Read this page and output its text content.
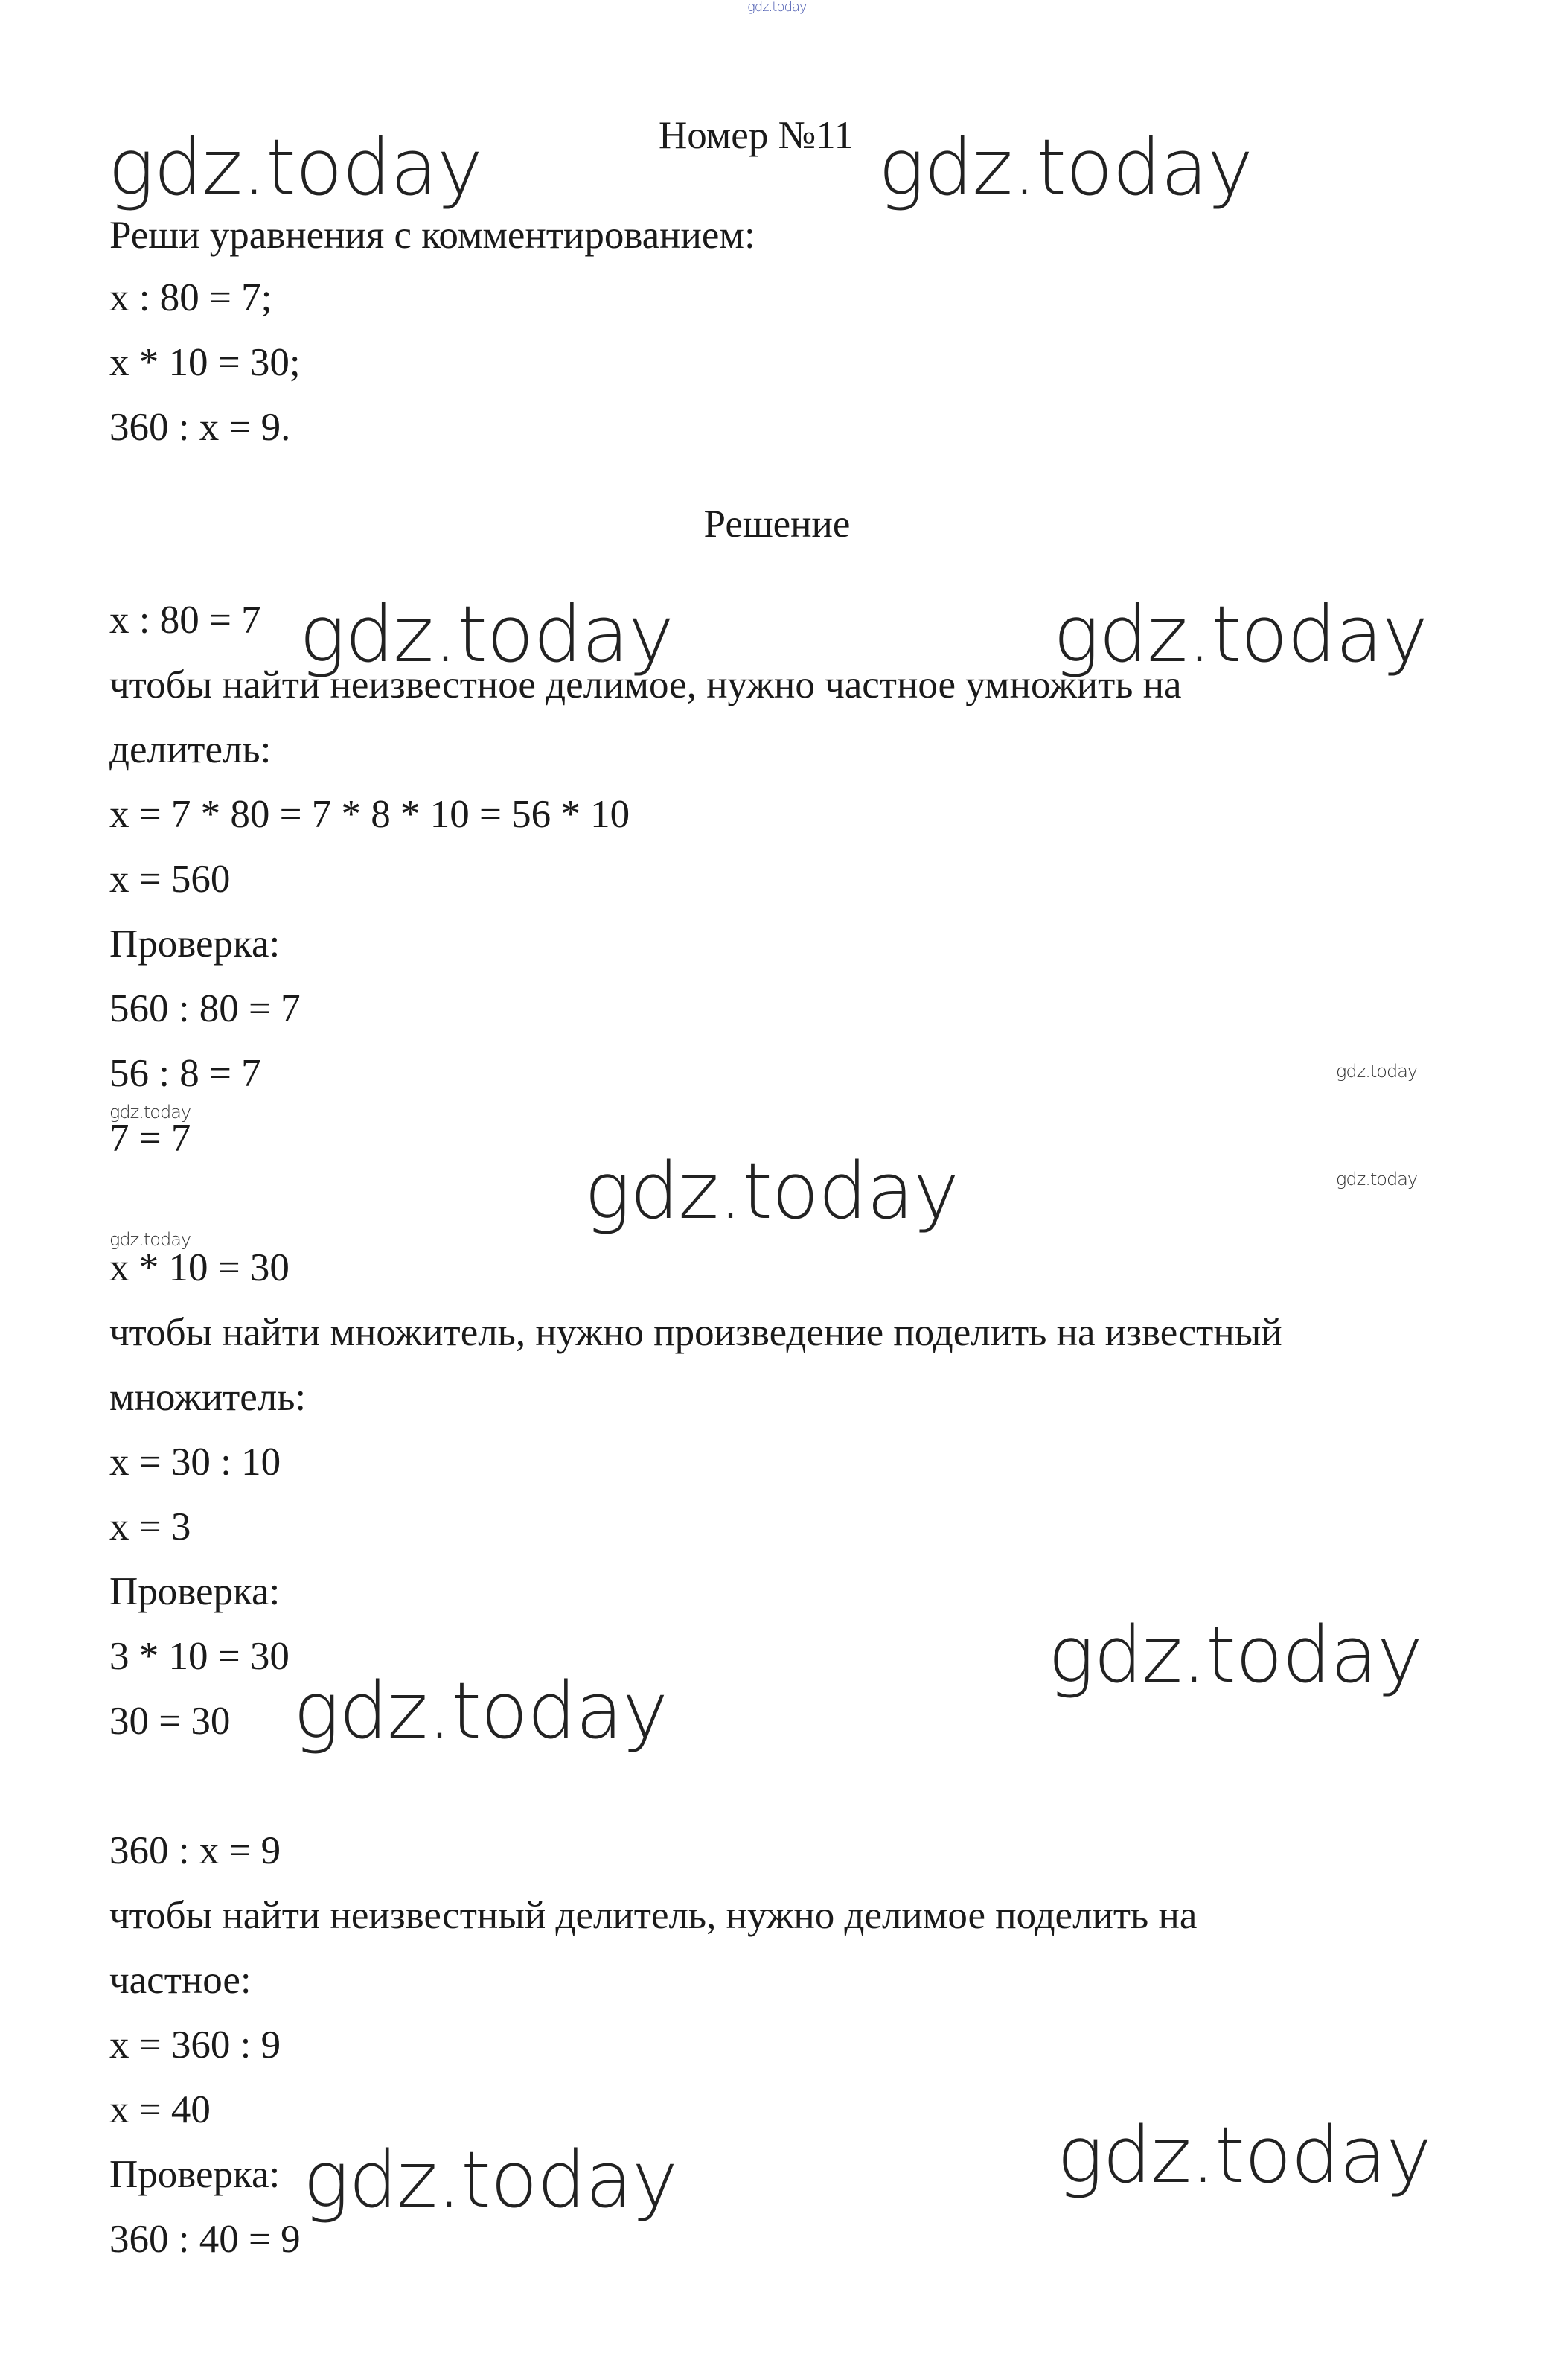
gdz.today
gdz.today	gdz.today
gdz.today	gdz.today
gdz.today
gdz.today
gdz.today	gdz.today
gdz.today
gdz.today
gdz.today
gdz.today
gdz.today
Номер №11
Реши уравнения с комментированием:
x : 80 = 7;
x * 10 = 30;
360 : x = 9.
Решение
x : 80 = 7
чтобы найти неизвестное делимое, нужно частное умножить на
делитель:
x = 7 * 80 = 7 * 8 * 10 = 56 * 10
x = 560
Проверка:
560 : 80 = 7
56 : 8 = 7
7 = 7
x * 10 = 30
чтобы найти множитель, нужно произведение поделить на известный
множитель:
x = 30 : 10
x = 3
Проверка:
3 * 10 = 30
30 = 30
360 : x = 9
чтобы найти неизвестный делитель, нужно делимое поделить на
частное:
x = 360 : 9
x = 40
Проверка:
360 : 40 = 9
